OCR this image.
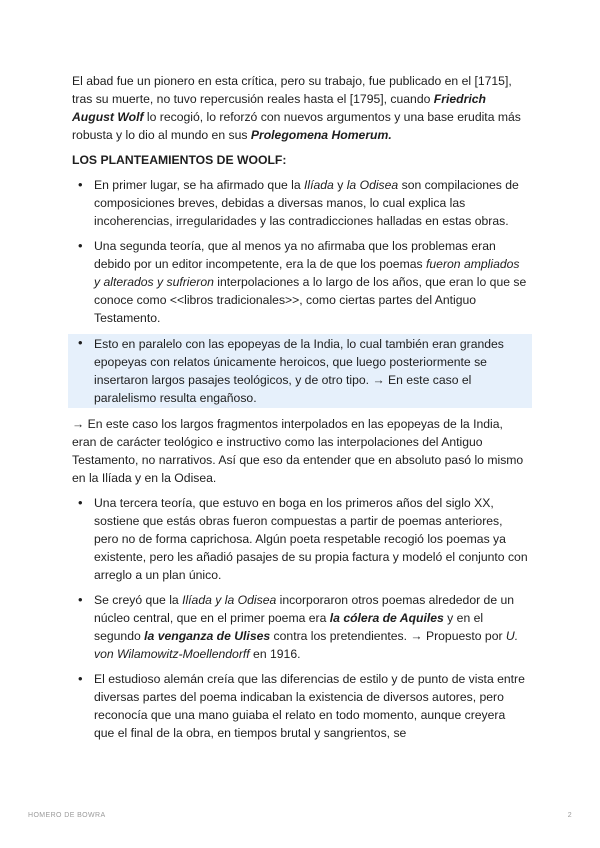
El abad fue un pionero en esta crítica, pero su trabajo, fue publicado en el [1715], tras su muerte, no tuvo repercusión reales hasta el [1795], cuando Friedrich August Wolf lo recogió, lo reforzó con nuevos argumentos y una base erudita más robusta y lo dio al mundo en sus Prolegomena Homerum.

LOS PLANTEAMIENTOS DE WOOLF:

• En primer lugar, se ha afirmado que la Ilíada y la Odisea son compilaciones de composiciones breves, debidas a diversas manos, lo cual explica las incoherencias, irregularidades y las contradicciones halladas en estas obras.
• Una segunda teoría, que al menos ya no afirmaba que los problemas eran debido por un editor incompetente, era la de que los poemas fueron ampliados y alterados y sufrieron interpolaciones a lo largo de los años, que eran lo que se conoce como <<libros tradicionales>>, como ciertas partes del Antiguo Testamento.
• Esto en paralelo con las epopeyas de la India, lo cual también eran grandes epopeyas con relatos únicamente heroicos, que luego posteriormente se insertaron largos pasajes teológicos, y de otro tipo. → En este caso el paralelismo resulta engañoso.

→ En este caso los largos fragmentos interpolados en las epopeyas de la India, eran de carácter teológico e instructivo como las interpolaciones del Antiguo Testamento, no narrativos. Así que eso da entender que en absoluto pasó lo mismo en la Ilíada y en la Odisea.

• Una tercera teoría, que estuvo en boga en los primeros años del siglo XX, sostiene que estás obras fueron compuestas a partir de poemas anteriores, pero no de forma caprichosa. Algún poeta respetable recogió los poemas ya existente, pero les añadió pasajes de su propia factura y modeló el conjunto con arreglo a un plan único.
• Se creyó que la Ilíada y la Odisea incorporaron otros poemas alrededor de un núcleo central, que en el primer poema era la cólera de Aquiles y en el segundo la venganza de Ulises contra los pretendientes. → Propuesto por U. von Wilamowitz-Moellendorff en 1916.
• El estudioso alemán creía que las diferencias de estilo y de punto de vista entre diversas partes del poema indicaban la existencia de diversos autores, pero reconocía que una mano guiaba el relato en todo momento, aunque creyera que el final de la obra, en tiempos brutal y sangrientos, se
HOMERO DE BOWRA	2
